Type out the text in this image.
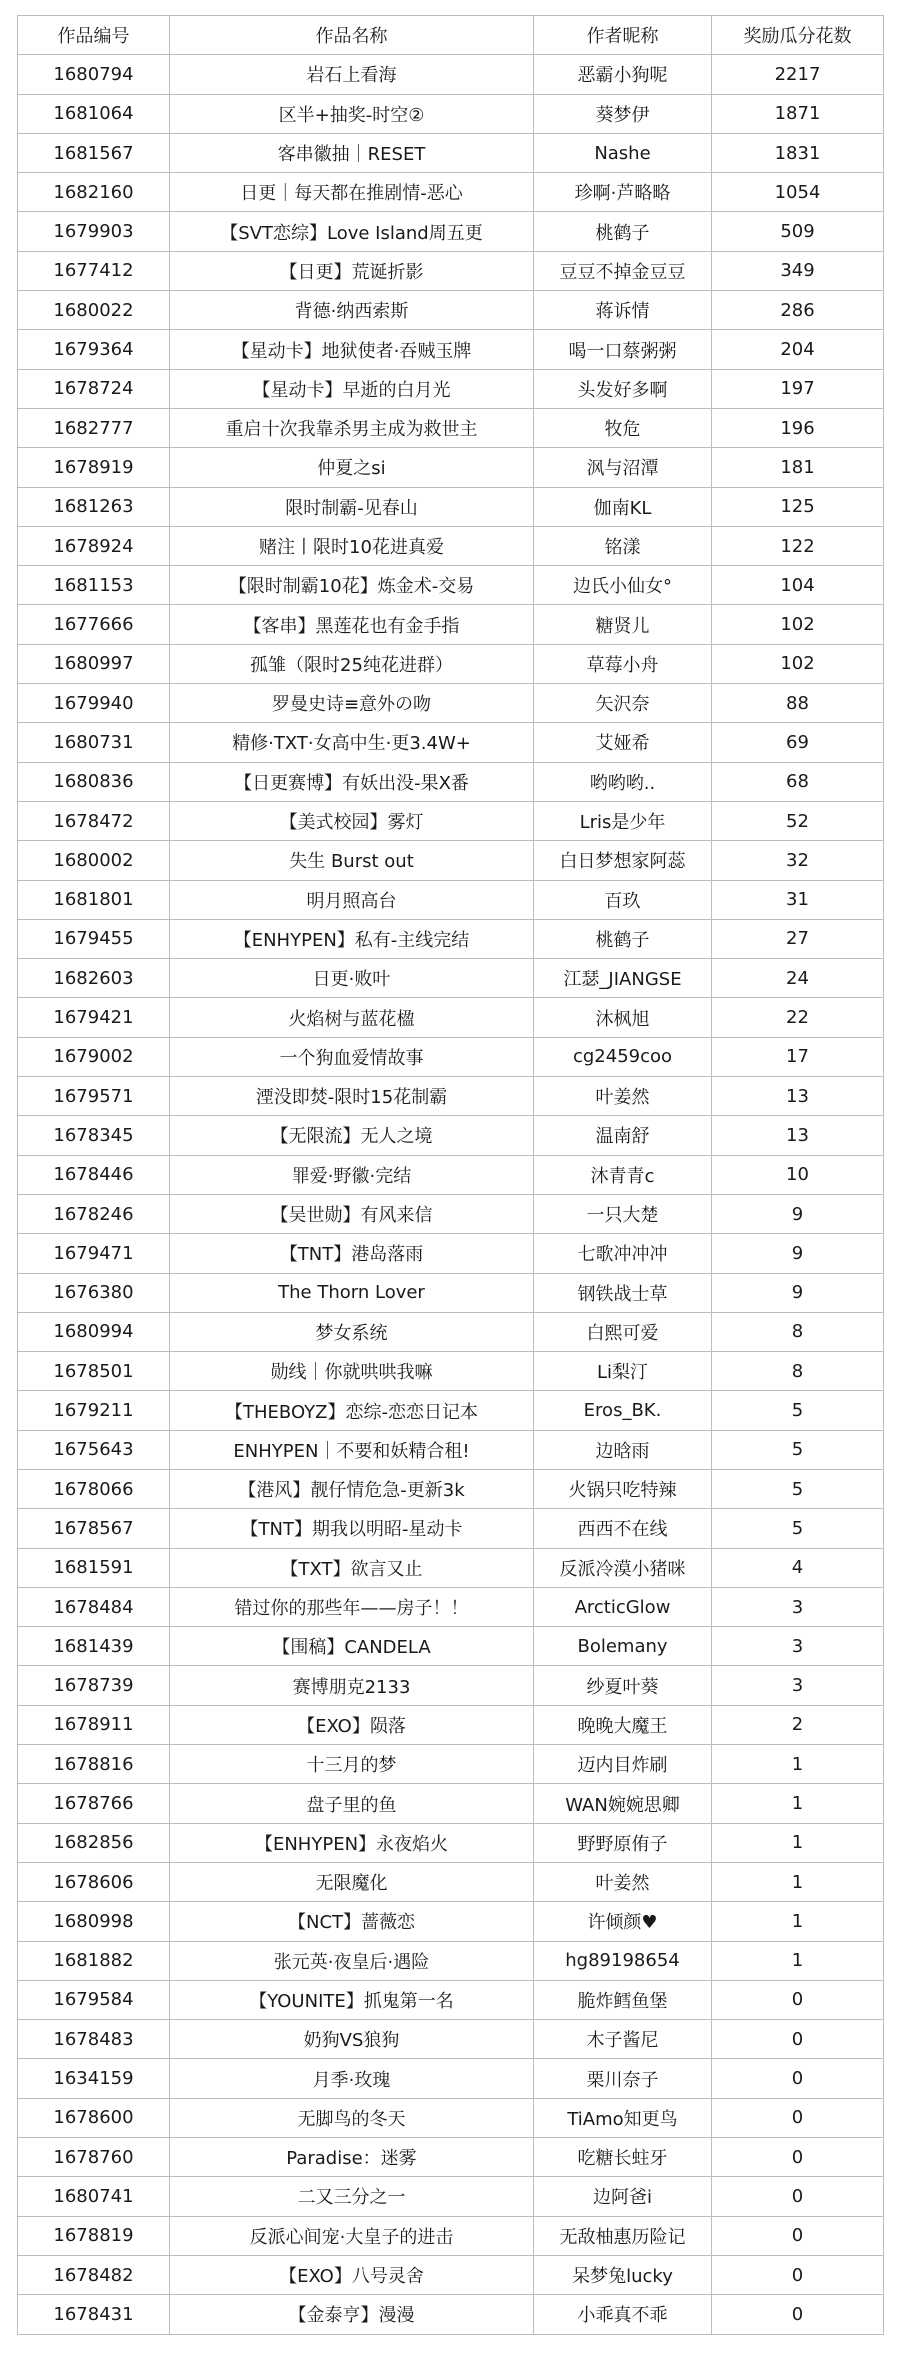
作品编号	作品名称	作者昵称	奖励瓜分花数
1680794	岩石上看海	恶霸小狗呢	2217
1681064	区半+抽奖-时空②	葵梦伊	1871
1681567	客串徽抽｜RESET	Nashe	1831
1682160	日更｜每天都在推剧情-恶心	珍啊·芦略略	1054
1679903	【SVT恋综】Love Island周五更	桃鹤子	509
1677412	【日更】荒诞折影	豆豆不掉金豆豆	349
1680022	背德·纳西索斯	蒋诉情	286
1679364	【星动卡】地狱使者·吞贼玉牌	喝一口蔡粥粥	204
1678724	【星动卡】早逝的白月光	头发好多啊	197
1682777	重启十次我靠杀男主成为救世主	牧危	196
1678919	仲夏之si	沨与沼潭	181
1681263	限时制霸-见春山	伽南KL	125
1678924	赌注丨限时10花进真爱	铭漾	122
1681153	【限时制霸10花】炼金术-交易	边氏小仙女°	104
1677666	【客串】黑莲花也有金手指	糖贤儿	102
1680997	孤雏（限时25纯花进群）	草莓小舟	102
1679940	罗曼史诗≡意外の吻	矢沢奈	88
1680731	精修·TXT·女高中生·更3.4W+	艾娅希	69
1680836	【日更赛博】有妖出没-果X番	哟哟哟..	68
1678472	【美式校园】雾灯	Lris是少年	52
1680002	失生 Burst out	白日梦想家阿蕊	32
1681801	明月照高台	百玖	31
1679455	【ENHYPEN】私有-主线完结	桃鹤子	27
1682603	日更·败叶	江瑟_JIANGSE	24
1679421	火焰树与蓝花楹	沐枫旭	22
1679002	一个狗血爱情故事	cg2459coo	17
1679571	湮没即焚-限时15花制霸	叶姜然	13
1678345	【无限流】无人之境	温南舒	13
1678446	罪爱·野徽·完结	沐青青c	10
1678246	【吴世勋】有风来信	一只大楚	9
1679471	【TNT】港岛落雨	七歌冲冲冲	9
1676380	The Thorn Lover	钢铁战士草	9
1680994	梦女系统	白熙可爱	8
1678501	勋线｜你就哄哄我嘛	Li梨汀	8
1679211	【THEBOYZ】恋综-恋恋日记本	Eros_BK.	5
1675643	ENHYPEN｜不要和妖精合租!	边晗雨	5
1678066	【港风】靓仔情危急-更新3k	火锅只吃特辣	5
1678567	【TNT】期我以明昭-星动卡	西西不在线	5
1681591	【TXT】欲言又止	反派冷漠小猪咪	4
1678484	错过你的那些年——房子！！	ArcticGlow	3
1681439	【围稿】CANDELA	Bolemany	3
1678739	赛博朋克2133	纱夏叶葵	3
1678911	【EXO】陨落	晚晚大魔王	2
1678816	十三月的梦	迈内目炸刷	1
1678766	盘子里的鱼	WAN婉婉思卿	1
1682856	【ENHYPEN】永夜焰火	野野原侑子	1
1678606	无限魔化	叶姜然	1
1680998	【NCT】蔷薇恋	许倾颜♥	1
1681882	张元英·夜皇后·遇险	hg89198654	1
1679584	【YOUNITE】抓鬼第一名	脆炸鳕鱼堡	0
1678483	奶狗VS狼狗	木子酱尼	0
1634159	月季·玫瑰	栗川奈子	0
1678600	无脚鸟的冬天	TiAmo知更鸟	0
1678760	Paradise：迷雾	吃糖长蛀牙	0
1680741	二又三分之一	边阿爸i	0
1678819	反派心间宠·大皇子的进击	无敌柚惠历险记	0
1678482	【EXO】八号灵舍	呆梦兔lucky	0
1678431	【金泰亨】漫漫	小乖真不乖	0
